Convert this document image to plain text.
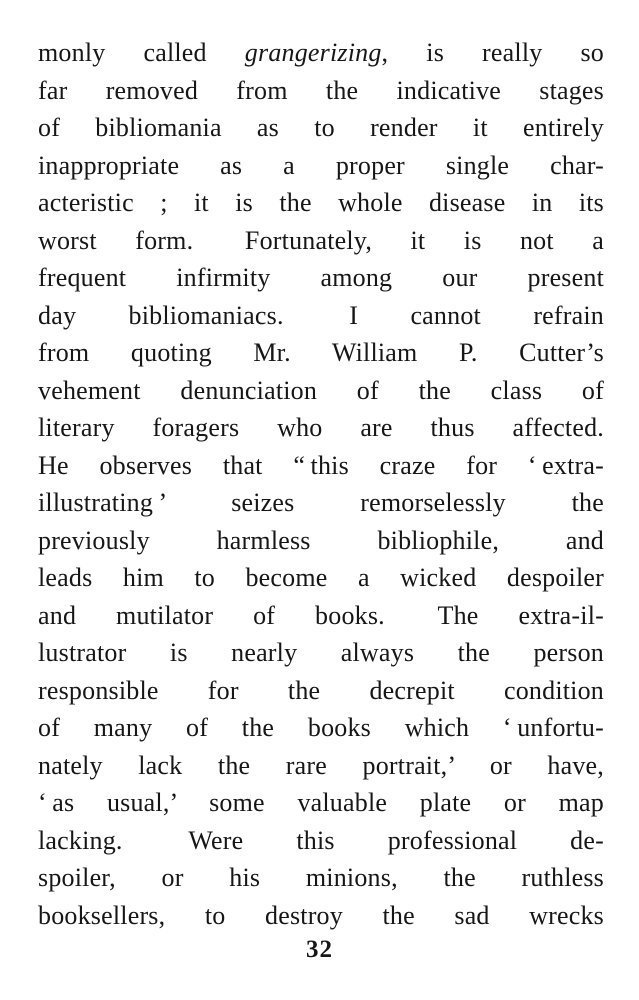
monly called grangerizing, is really so
far removed from the indicative stages
of bibliomania as to render it entirely
inappropriate as a proper single char-
acteristic ; it is the whole disease in its
worst form.  Fortunately, it is not a
frequent infirmity among our present
day bibliomaniacs.  I cannot refrain
from quoting Mr. William P. Cutter’s
vehement denunciation of the class of
literary foragers who are thus affected.
He observes that “ this craze for ‘ extra-
illustrating ’ seizes remorselessly the
previously harmless bibliophile, and
leads him to become a wicked despoiler
and mutilator of books.  The extra-il-
lustrator is nearly always the person
responsible for the decrepit condition
of many of the books which ‘ unfortu-
nately lack the rare portrait,’ or have,
‘ as usual,’ some valuable plate or map
lacking.  Were this professional de-
spoiler, or his minions, the ruthless
booksellers, to destroy the sad wrecks
32
